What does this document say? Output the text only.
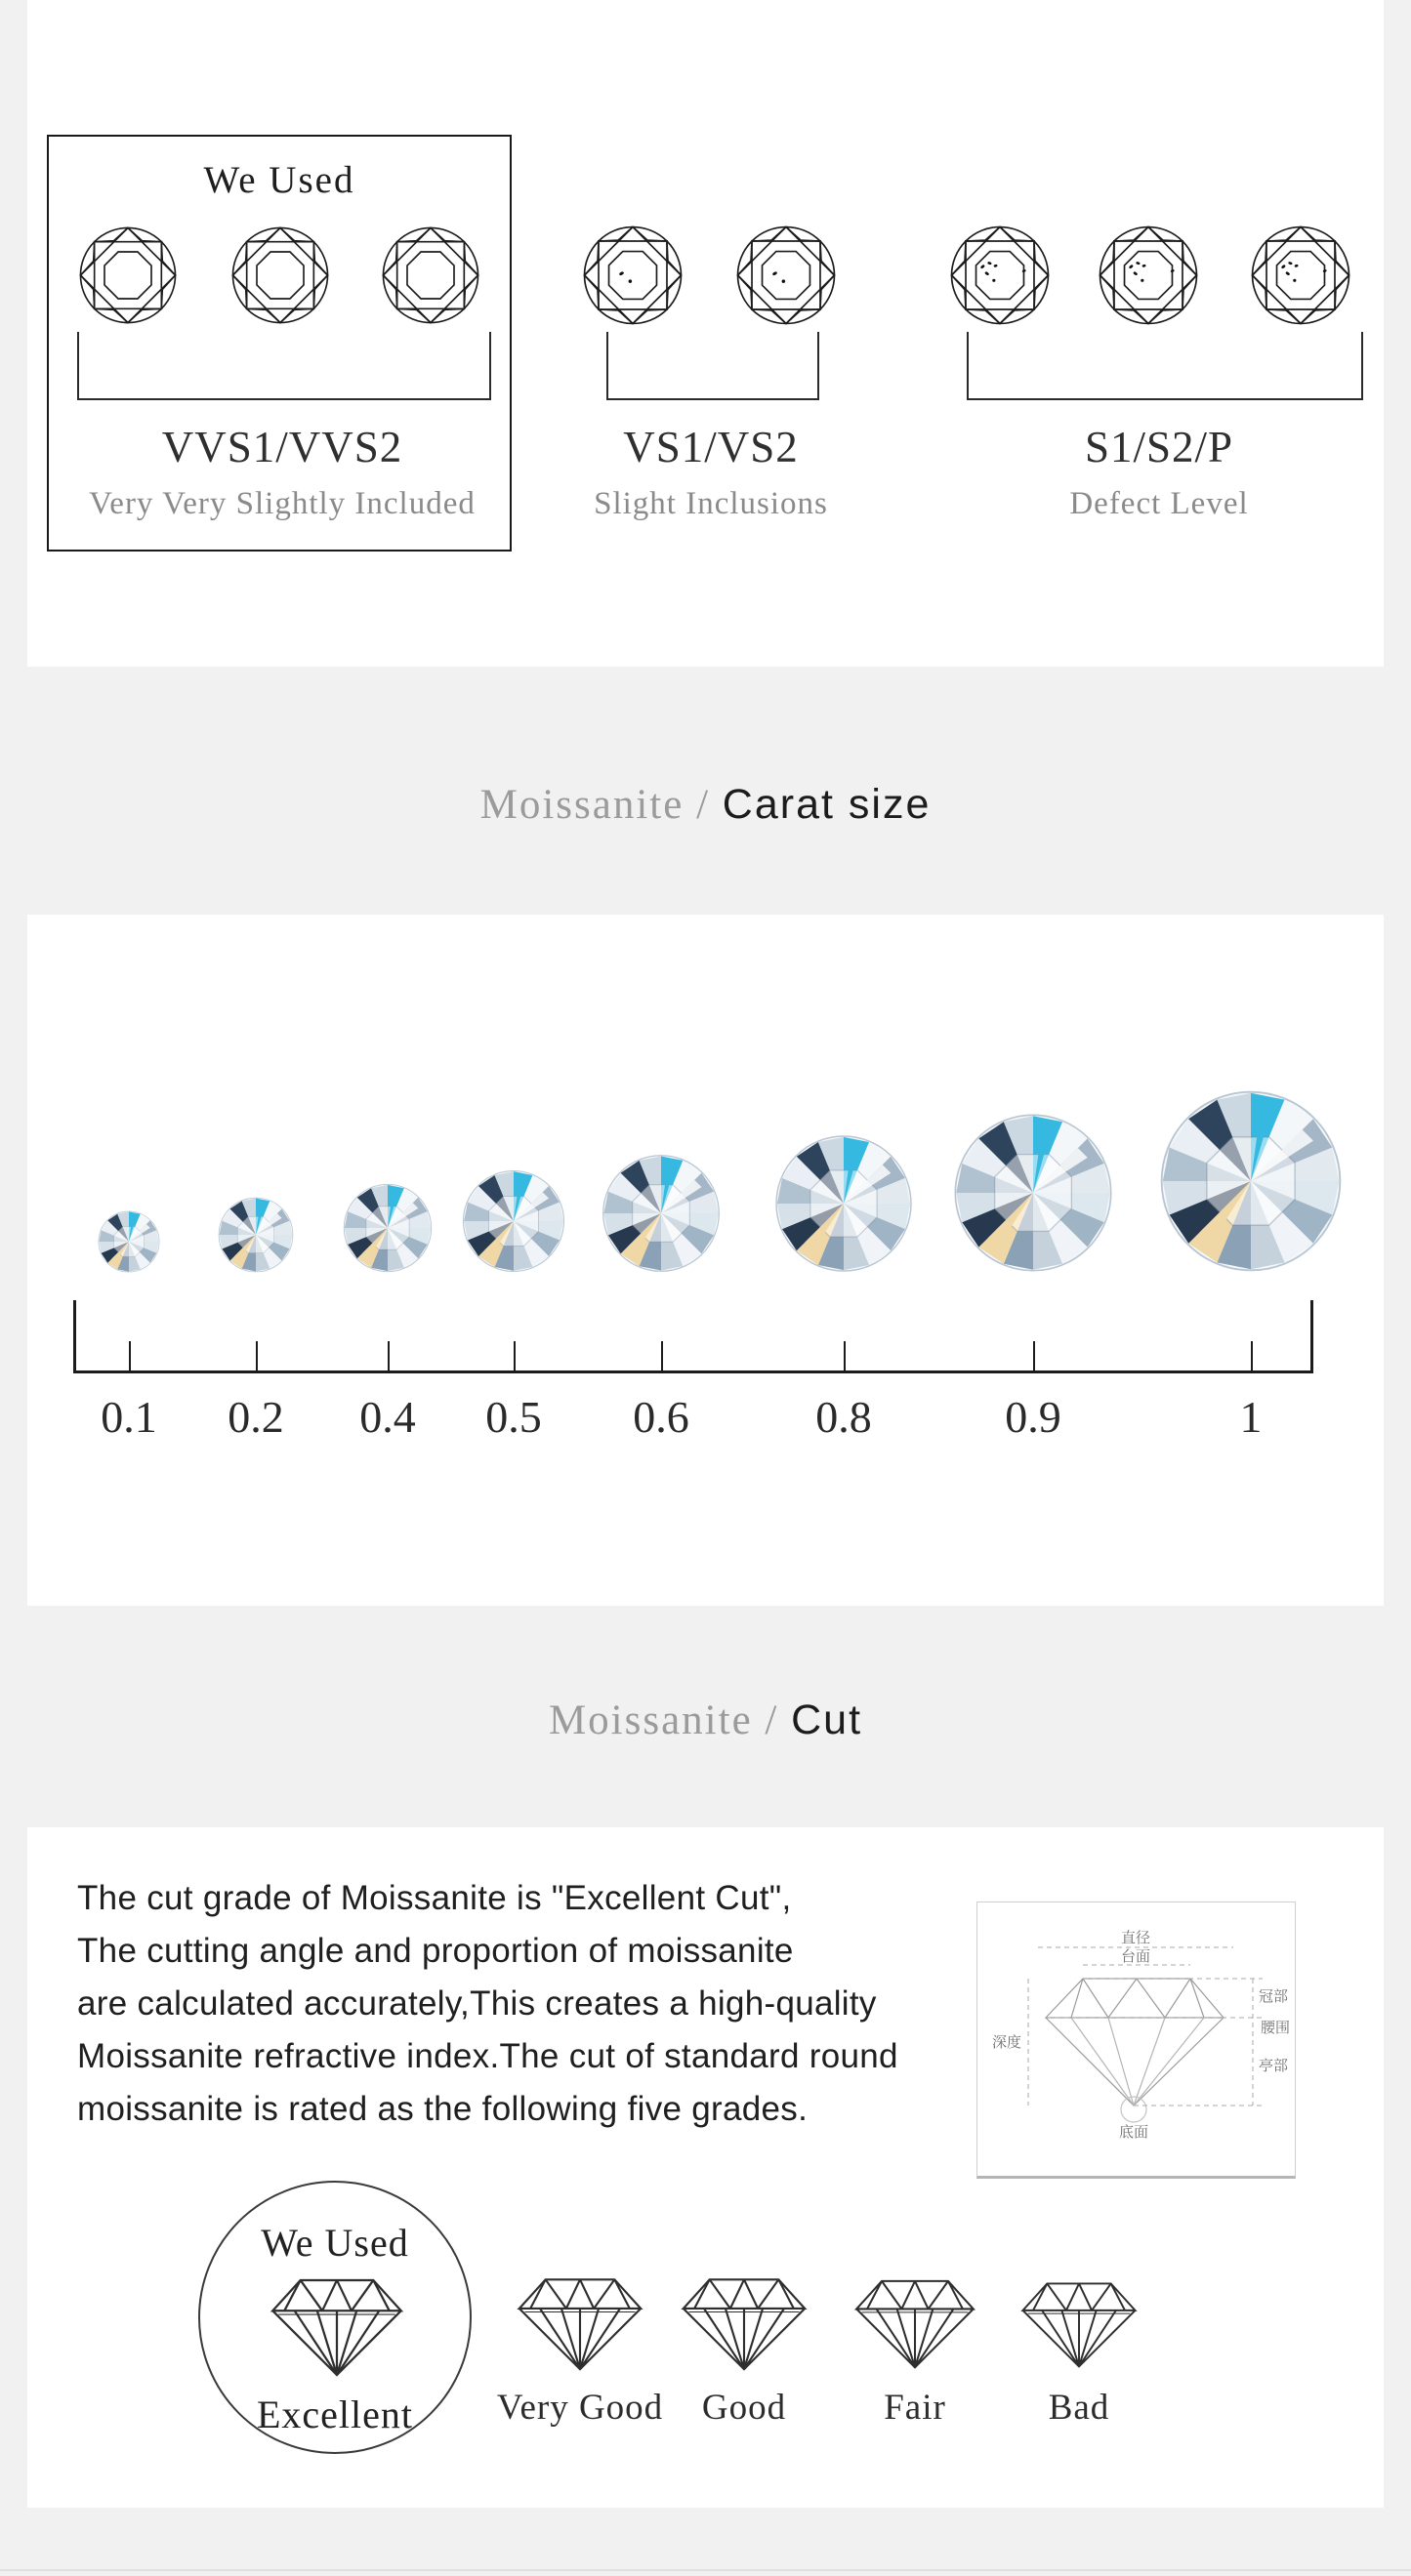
We Used
VVS1/VVS2
Very Very Slightly Included
VS1/VS2
Slight Inclusions
S1/S2/P
Defect Level
Moissanite / Carat size
0.1 0.2 0.4 0.5 0.6	0.8	0.9	1
Moissanite / Cut
The cut grade of Moissanite is "Excellent Cut",
The cutting angle and proportion of moissanite
are calculated accurately,This creates a high-quality
Moissanite refractive index.The cut of standard round
moissanite is rated as the following five grades.
直径
台面
深度
冠部
腰围
亭部
底面
We Used
Excellent	Very Good Good	Fair	Bad
